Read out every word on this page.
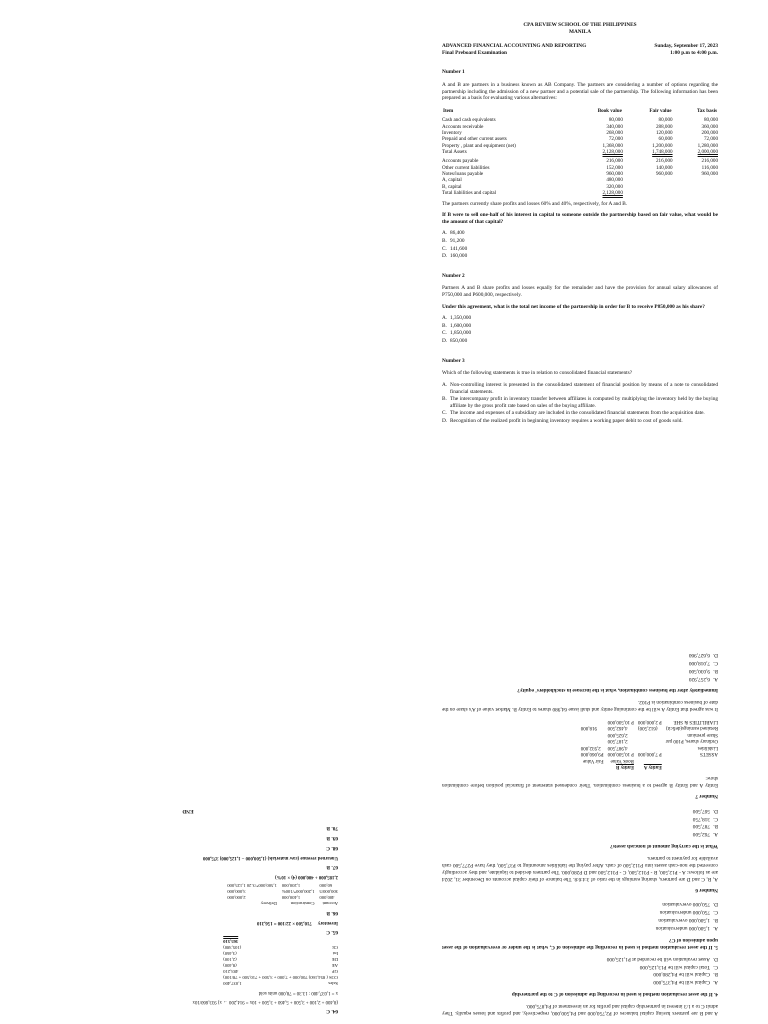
CPA REVIEW SCHOOL OF THE PHILIPPINES
MANILA
ADVANCED FINANCIAL ACCOUNTING AND REPORTING
Final Preboard Examination
Sunday, September 17, 2023
1:00 p.m to 4:00 p.m.
Number 1

A and B are partners in a business known as AB Company. The partners are considering a number of options regarding the partnership including the admission of a new partner and a potential sale of the partnership. The following information has been prepared as a basis for evaluating various alternatives:

Item	Book value	Fair value	Tax basis
Cash and cash equivalents	80,000	80,000	80,000
Accounts receivable	340,000	288,000	360,000
Inventory	268,000	120,000	200,000
Prepaid and other current assets	72,000	60,000	72,000
Property , plant and equipment (net)	1,368,000	1,200,000	1,280,000
Total Assets	2,128,000	1,748,000	2,000,000

Accounts payable	216,000	216,000	216,000
Other current liabilities	152,000	140,000	116,000
Notes/loans payable	960,000	960,000	960,000
A, capital	480,000		
B, capital	320,000		
Total liabilities and capital	2,128,000		

The partners currently share profits and losses 60% and 40%, respectively, for A and B.

If B were to sell one-half of his interest in capital to someone outside the partnership based on fair value, what would be the amount of that capital?
A. 86,400
B. 91,200
C. 141,600
D. 160,000
Number 2

Partners A and B share profits and losses equally for the remainder and have the provision for annual salary allowances of P750,000 and P600,000, respectively.

Under this agreement, what is the total net income of the partnership in order for B to receive P850,000 as his share?
A. 1,350,000
B. 1,600,000
C. 1,850,000
D. 850,000
Number 3

Which of the following statements is true in relation to consolidated financial statements?

A. Non-controlling interest is presented in the consolidated statement of financial position by means of a note to consolidated financial statements.
B. The intercompany profit in inventory transfer between affiliates is computed by multiplying the inventory held by the buying affiliate by the gross profit rate based on sales of the buying affiliate.
C. The income and expenses of a subsidiary are included in the consolidated financial statements from the acquisition date.
D. Recognition of the realized profit in beginning inventory requires a working paper debit to cost of goods sold.

A and B are partners having capital balances of P2,750,000 and P4,500,000, respectively, and profits and losses equally. They admit C to a 1/3 interest in partnership capital and profits for an investment of P4,875,000.

4. If the asset revaluation method is used in recording the admission of C to the partnership
A.Capital will be P4,375,000
B.Capital will be P4,280,000
C.Total capital will be P13,125,000
D.Asset revaluation will be recorded at P1,125,000
5. If the asset revaluation method is used in recording the admission of C, what is the under or overvaluation of the asset upon admission of C?
A.1,500,000 undervaluation
B.1,500,000 overvaluation
C.750,000 undervaluation
D.750,000 overvaluation
Number 6

A, B, C and D are partners, sharing earnings in the ratio of 3:4:6:8. The balance of their capital accounts on December 31, 2024 are as follows: A - P12,500, B - P312,500, C - P312,500 and D P280,000. The partners decided to liquidate, and they accordingly converted the non-cash assets into P112,500 of cash. After paying the liabilities amounting to P37,500, they have P277,500 cash available for payment to partners.

What is the carrying amount of noncash assets?
A.762,500
B.787,500
C.318,750
D.567,500
Number 7

Entity A and Entity B agreed to a business combination. Their condensed statement of financial position before combination show:

	Entity A	Entity B	
		Book Value	Fair Value
ASSETS	P 7,000,000	P 10,500,000	P9,060,000
Liabilities		4,987,500	2,932,000
Ordinary shares, P100 par		2,187,500	
Share premium		2,625,000	
Retained earnings(deficit)	(612,500)	4,462,500	918,000
LIABILITIES & SHE	P 2,000,000	P 10,500,000	

It was agreed that Entity A will be the continuing entity and shall issue 64,980 shares to Entity B. Market value of A's share on the date of business combination is P102.

Immediately after the business combination, what is the increase in stockholders' equity?
A.6,257,920
B.9,030,500
C.7,018,000
D.6,627,960
64. C
(8,400 + 2,100 + 3,500 + 5,460 + 3,500 + 10x = 914,200 → x) 933,660/10x
x = 1,037,400 : 13.30 = 78,000 units sold
Sales	1,037,400
COS ( 854,160) 700,000 + 7,000 + 3,500 + 710,500 + 78/100)	
GP	483,210
AE	(8,400)
DE	(2,100)
Int	(3,460)
CE	(105,380)
	365,510
65. C
Inventory     710,500 × 22/100 = 156,310
66. B
Account	Construction	Delivery
400,000	1,400,000	2,000,000
300,000/5	1,200,000*/100%	3,000,000
60,000	1,200,000	1,500,000*/3.20 1,125,000
2,185,000 + 400,000 (4) × 10%)
67. B
Unearned revenue (raw materials) (1,500,000 − 1,125,000) 375,000
68. C
69. B
70. B
END
